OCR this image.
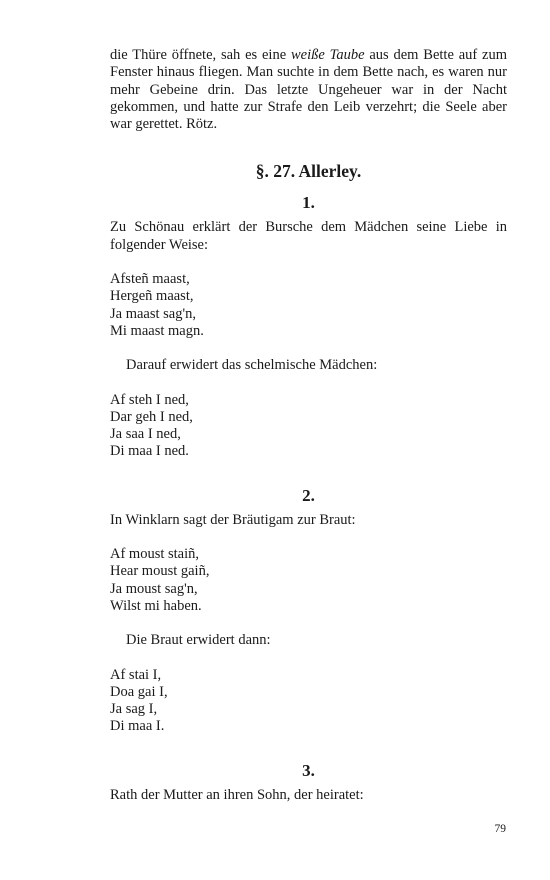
die Thüre öffnete, sah es eine weiße Taube aus dem Bette auf zum Fenster hinaus fliegen. Man suchte in dem Bette nach, es waren nur mehr Gebeine drin. Das letzte Ungeheuer war in der Nacht gekommen, und hatte zur Strafe den Leib verzehrt; die Seele aber war gerettet. Rötz.

§. 27. Allerley.
1.

Zu Schönau erklärt der Bursche dem Mädchen seine Liebe in folgender Weise:

Afsteñ maast,
Hergeñ maast,
Ja maast sag'n,
Mi maast magn.

Darauf erwidert das schelmische Mädchen:

Af steh I ned,
Dar geh I ned,
Ja saa I ned,
Di maa I ned.
2.

In Winklarn sagt der Bräutigam zur Braut:

Af moust staiñ,
Hear moust gaiñ,
Ja moust sag'n,
Wilst mi haben.

Die Braut erwidert dann:

Af stai I,
Doa gai I,
Ja sag I,
Di maa I.
3.

Rath der Mutter an ihren Sohn, der heiratet:

79
